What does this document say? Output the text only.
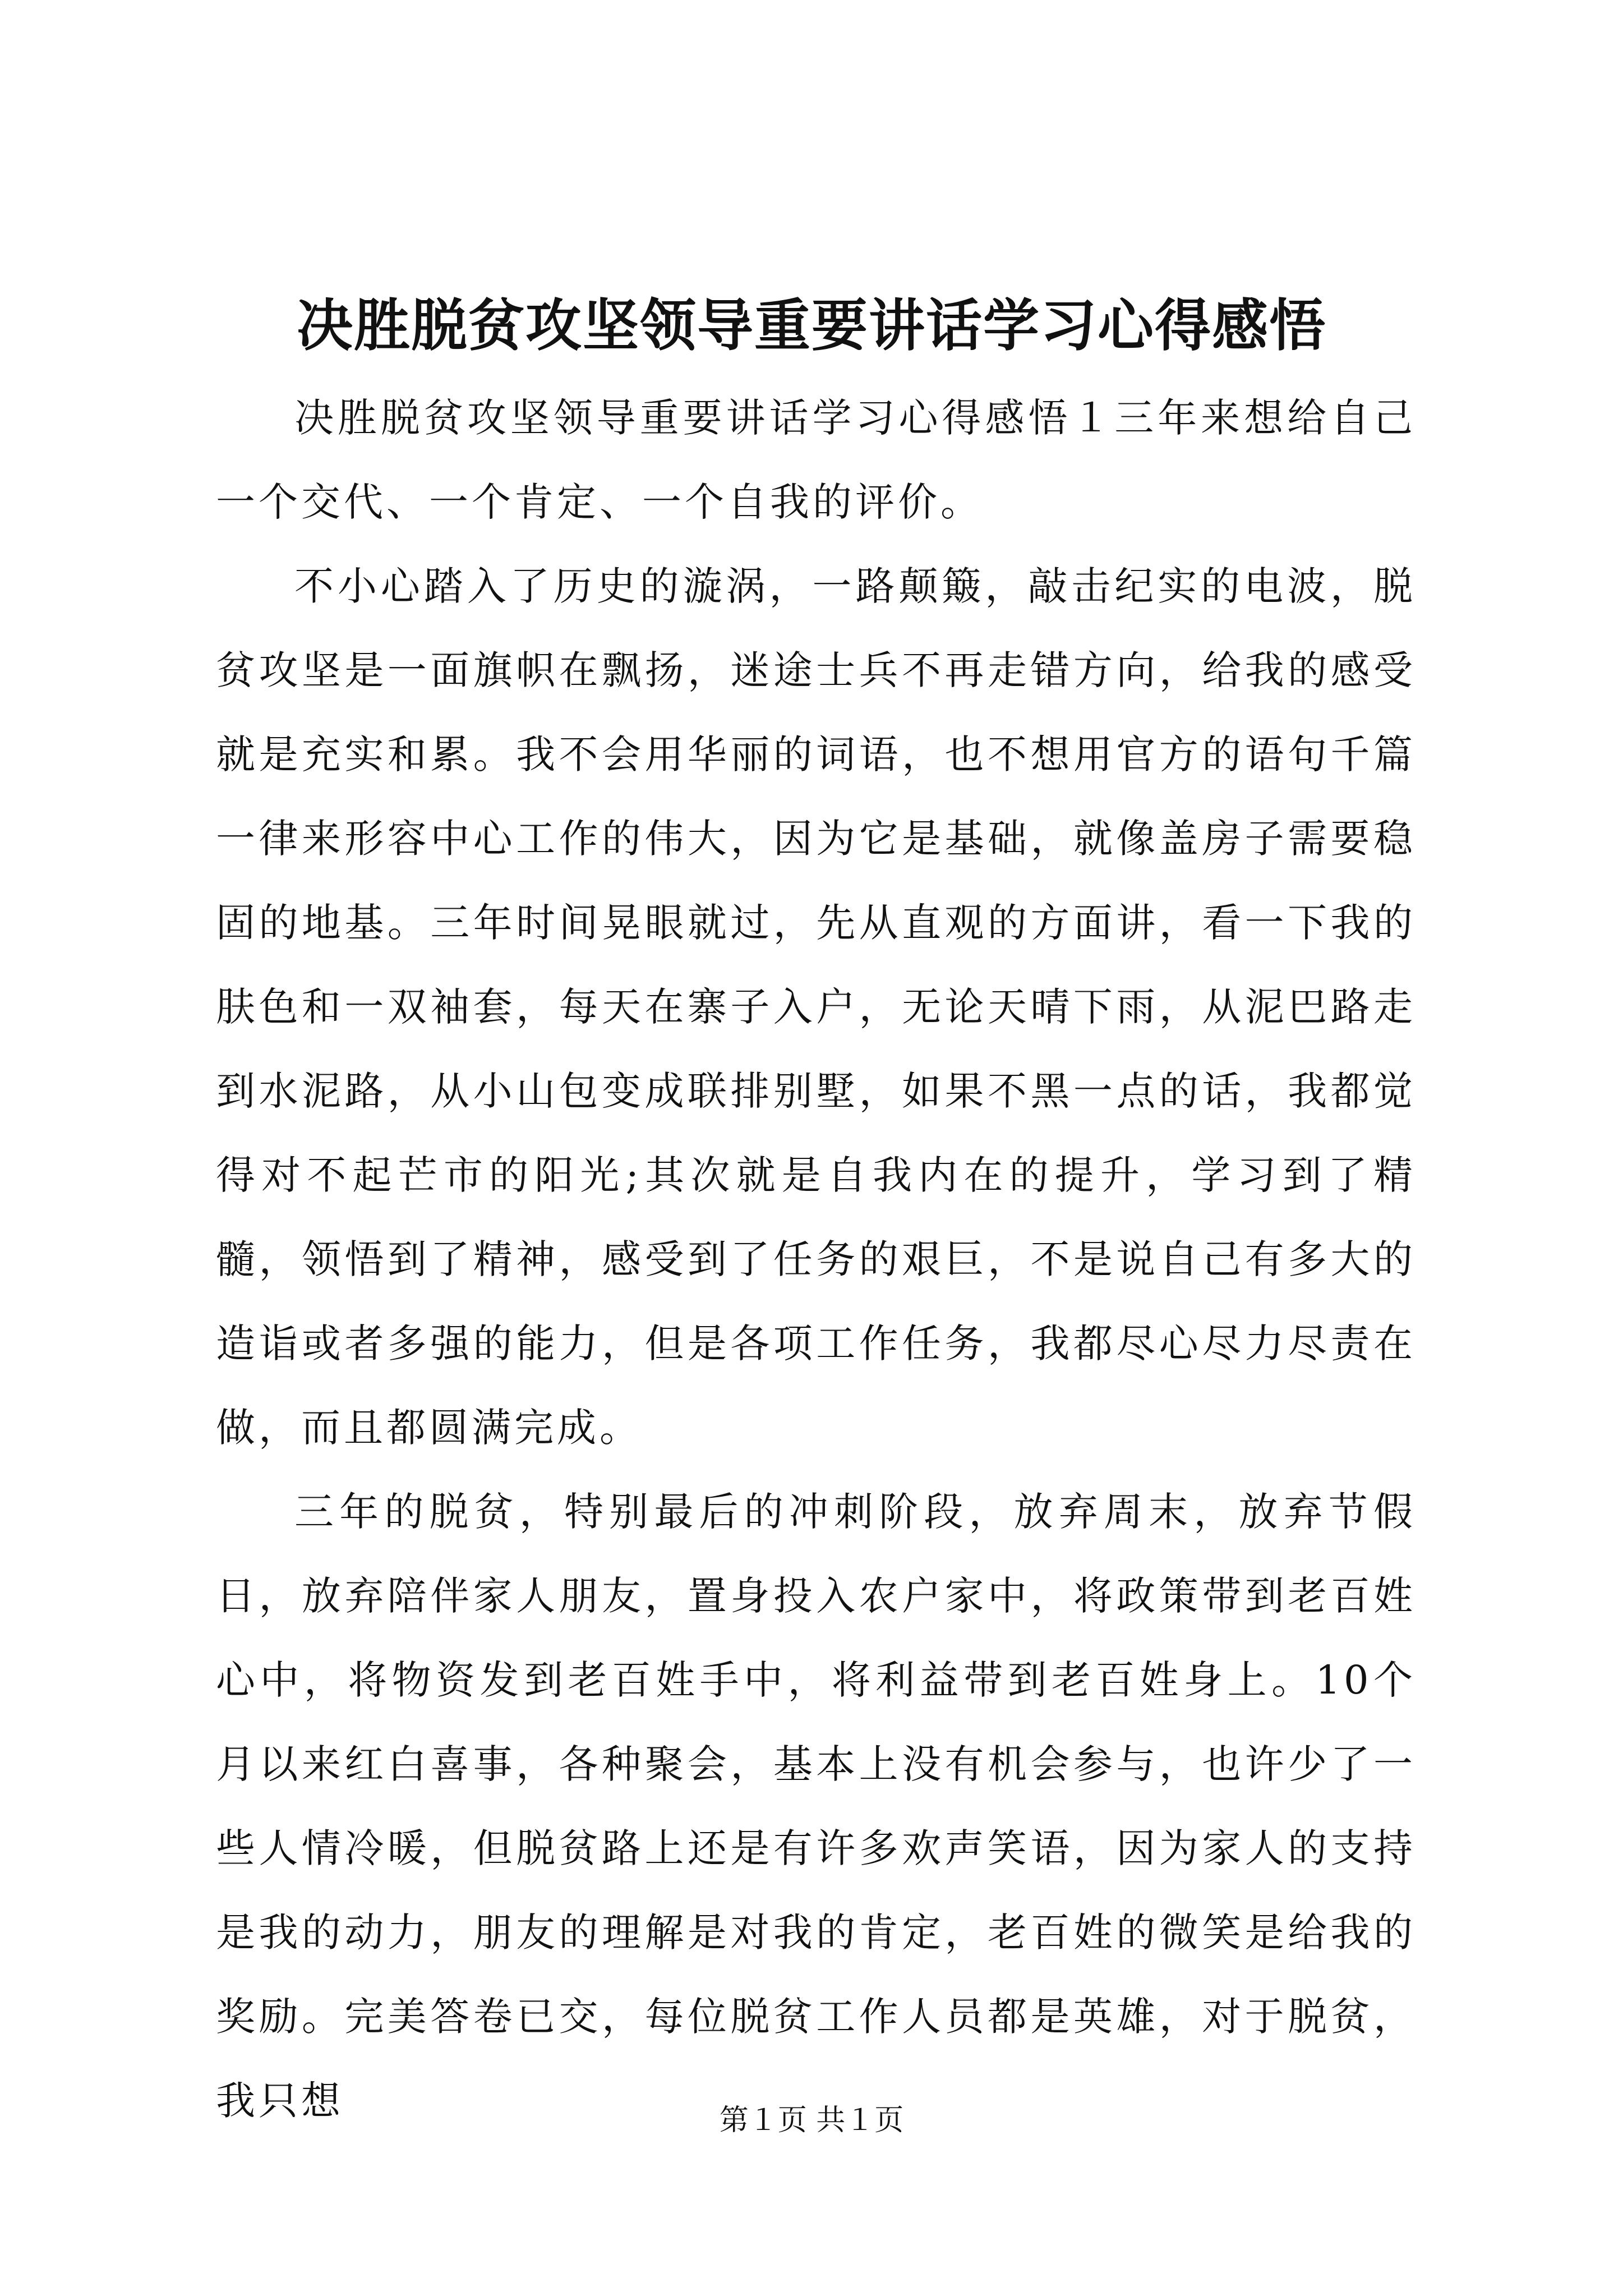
决胜脱贫攻坚领导重要讲话学习心得感悟

决胜脱贫攻坚领导重要讲话学习心得感悟１三年来想给自己一个交代、一个肯定、一个自我的评价。

不小心踏入了历史的漩涡，一路颠簸，敲击纪实的电波，脱贫攻坚是一面旗帜在飘扬，迷途士兵不再走错方向，给我的感受就是充实和累。我不会用华丽的词语，也不想用官方的语句千篇一律来形容中心工作的伟大，因为它是基础，就像盖房子需要稳固的地基。三年时间晃眼就过，先从直观的方面讲，看一下我的肤色和一双袖套，每天在寨子入户，无论天晴下雨，从泥巴路走到水泥路，从小山包变成联排别墅，如果不黑一点的话，我都觉得对不起芒市的阳光;其次就是自我内在的提升，学习到了精髓，领悟到了精神，感受到了任务的艰巨，不是说自己有多大的造诣或者多强的能力，但是各项工作任务，我都尽心尽力尽责在做，而且都圆满完成。

三年的脱贫，特别最后的冲刺阶段，放弃周末，放弃节假日，放弃陪伴家人朋友，置身投入农户家中，将政策带到老百姓心中，将物资发到老百姓手中，将利益带到老百姓身上。10个月以来红白喜事，各种聚会，基本上没有机会参与，也许少了一些人情冷暖，但脱贫路上还是有许多欢声笑语，因为家人的支持是我的动力，朋友的理解是对我的肯定，老百姓的微笑是给我的奖励。完美答卷已交，每位脱贫工作人员都是英雄，对于脱贫，我只想	第１页 共１页
